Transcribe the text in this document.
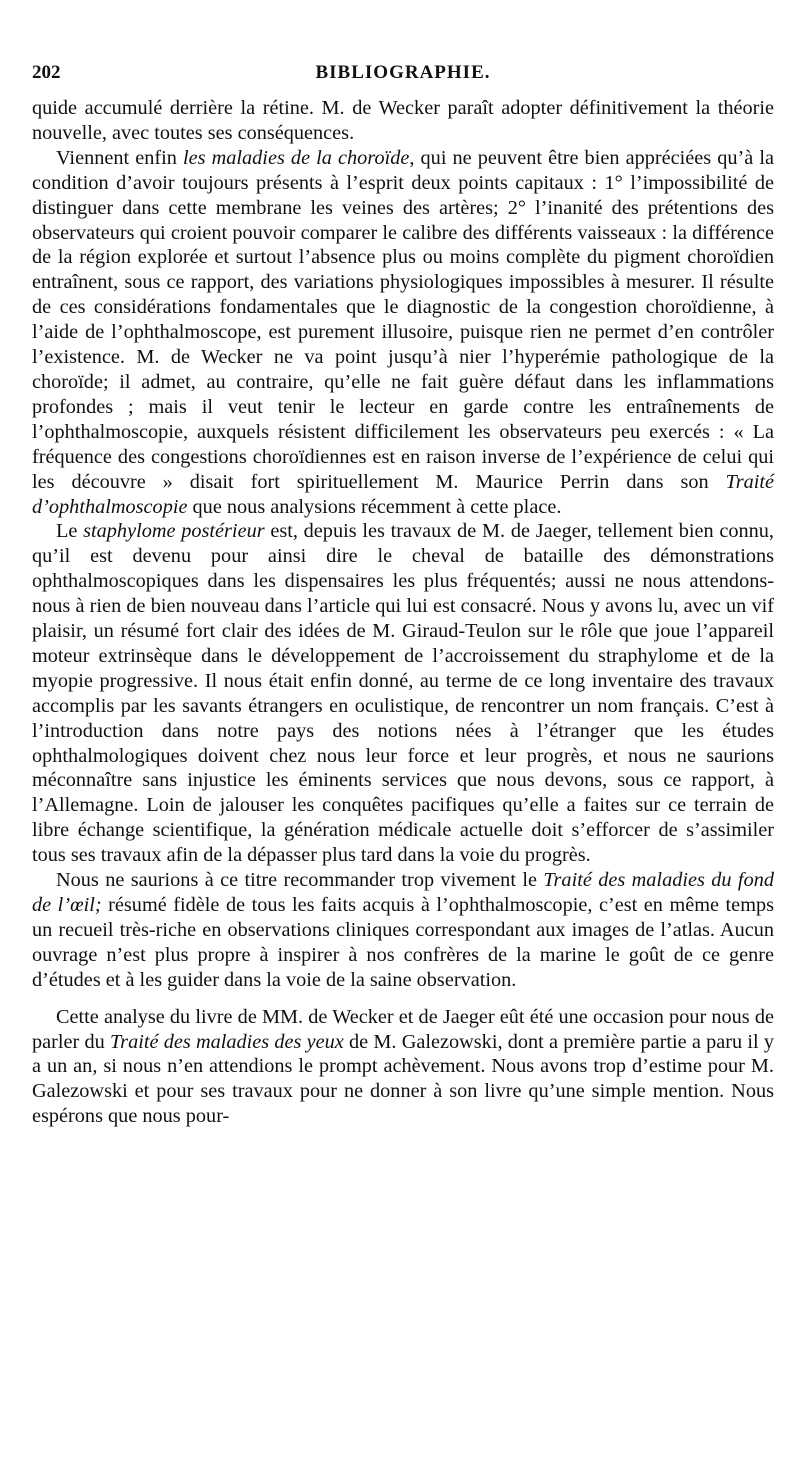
202	BIBLIOGRAPHIE.

quide accumulé derrière la rétine. M. de Wecker paraît adopter définitivement la théorie nouvelle, avec toutes ses conséquences.

Viennent enfin les maladies de la choroïde, qui ne peuvent être bien appréciées qu’à la condition d’avoir toujours présents à l’esprit deux points capitaux : 1° l’impossibilité de distinguer dans cette membrane les veines des artères; 2° l’inanité des prétentions des observateurs qui croient pouvoir comparer le calibre des différents vaisseaux : la différence de la région explorée et surtout l’absence plus ou moins complète du pigment choroïdien entraînent, sous ce rapport, des variations physiologiques impossibles à mesurer. Il résulte de ces considérations fondamentales que le diagnostic de la congestion choroïdienne, à l’aide de l’ophthalmoscope, est purement illusoire, puisque rien ne permet d’en contrôler l’existence. M. de Wecker ne va point jusqu’à nier l’hyperémie pathologique de la choroïde; il admet, au contraire, qu’elle ne fait guère défaut dans les inflammations profondes ; mais il veut tenir le lecteur en garde contre les entraînements de l’ophthalmoscopie, auxquels résistent difficilement les observateurs peu exercés : « La fréquence des congestions choroïdiennes est en raison inverse de l’expérience de celui qui les découvre » disait fort spirituellement M. Maurice Perrin dans son Traité d’ophthalmoscopie que nous analysions récemment à cette place.

Le staphylome postérieur est, depuis les travaux de M. de Jaeger, tellement bien connu, qu’il est devenu pour ainsi dire le cheval de bataille des démonstrations ophthalmoscopiques dans les dispensaires les plus fréquentés; aussi ne nous attendons-nous à rien de bien nouveau dans l’article qui lui est consacré. Nous y avons lu, avec un vif plaisir, un résumé fort clair des idées de M. Giraud-Teulon sur le rôle que joue l’appareil moteur extrinsèque dans le développement de l’accroissement du straphylome et de la myopie progressive. Il nous était enfin donné, au terme de ce long inventaire des travaux accomplis par les savants étrangers en oculistique, de rencontrer un nom français. C’est à l’introduction dans notre pays des notions nées à l’étranger que les études ophthalmologiques doivent chez nous leur force et leur progrès, et nous ne saurions méconnaître sans injustice les éminents services que nous devons, sous ce rapport, à l’Allemagne. Loin de jalouser les conquêtes pacifiques qu’elle a faites sur ce terrain de libre échange scientifique, la génération médicale actuelle doit s’efforcer de s’assimiler tous ses travaux afin de la dépasser plus tard dans la voie du progrès.

Nous ne saurions à ce titre recommander trop vivement le Traité des maladies du fond de l’œil; résumé fidèle de tous les faits acquis à l’ophthalmoscopie, c’est en même temps un recueil très-riche en observations cliniques correspondant aux images de l’atlas. Aucun ouvrage n’est plus propre à inspirer à nos confrères de la marine le goût de ce genre d’études et à les guider dans la voie de la saine observation.

Cette analyse du livre de MM. de Wecker et de Jaeger eût été une occasion pour nous de parler du Traité des maladies des yeux de M. Galezowski, dont a première partie a paru il y a un an, si nous n’en attendions le prompt achèvement. Nous avons trop d’estime pour M. Galezowski et pour ses travaux pour ne donner à son livre qu’une simple mention. Nous espérons que nous pour-
